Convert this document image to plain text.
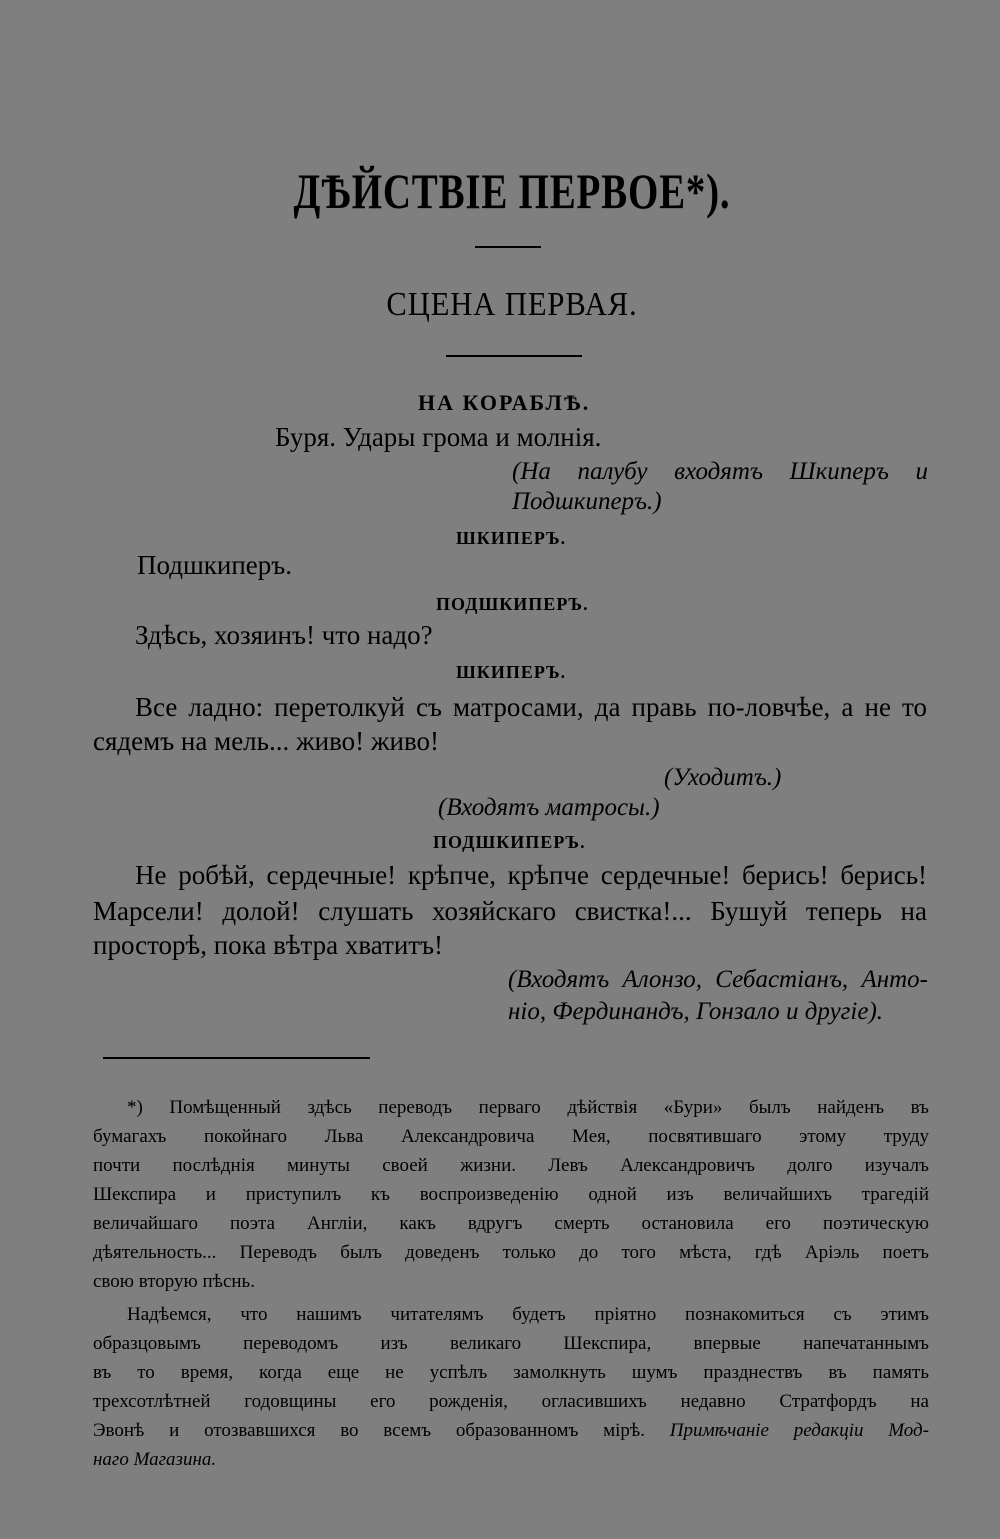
ДѢЙСТВІЕ ПЕРВОЕ*).
СЦЕНА ПЕРВАЯ.
НА КОРАБЛѢ.
Буря. Удары грома и молнія.
(На палубу входятъ Шкиперъ и
Подшкиперъ.)
ШКИПЕРЪ.
Подшкиперъ.
ПОДШКИПЕРЪ.
Здѣсь, хозяинъ! что надо?
ШКИПЕРЪ.
Все ладно: перетолкуй съ матросами, да правь по-ловчѣе, а не то
сядемъ на мель... живо! живо!
(Уходитъ.)
(Входятъ матросы.)
ПОДШКИПЕРЪ.
Не робѣй, сердечные! крѣпче, крѣпче сердечные! берись! берись!
Марсели! долой! слушать хозяйскаго свистка!... Бушуй теперь на
просторѣ, пока вѣтра хватитъ!
(Входятъ Алонзо, Себастіанъ, Анто-
ніо, Фердинандъ, Гонзало и другіе).
*) Помѣщенный здѣсь переводъ перваго дѣйствія «Бури» былъ найденъ въ
бумагахъ покойнаго Льва Александровича Мея, посвятившаго этому труду
почти послѣднія минуты своей жизни. Левъ Александровичъ долго изучалъ
Шекспира и приступилъ къ воспроизведенію одной изъ величайшихъ трагедій
величайшаго поэта Англіи, какъ вдругъ смерть остановила его поэтическую
дѣятельность... Переводъ былъ доведенъ только до того мѣста, гдѣ Аріэль поетъ
свою вторую пѣснь.
Надѣемся, что нашимъ читателямъ будетъ пріятно познакомиться съ этимъ
образцовымъ переводомъ изъ великаго Шекспира, впервые напечатаннымъ
въ то время, когда еще не успѣлъ замолкнуть шумъ празднествъ въ память
трехсотлѣтней годовщины его рожденія, огласившихъ недавно Стратфордъ на
Эвонѣ и отозвавшихся во всемъ образованномъ мірѣ. Примѣчаніе редакціи Мод-
наго Магазина.
